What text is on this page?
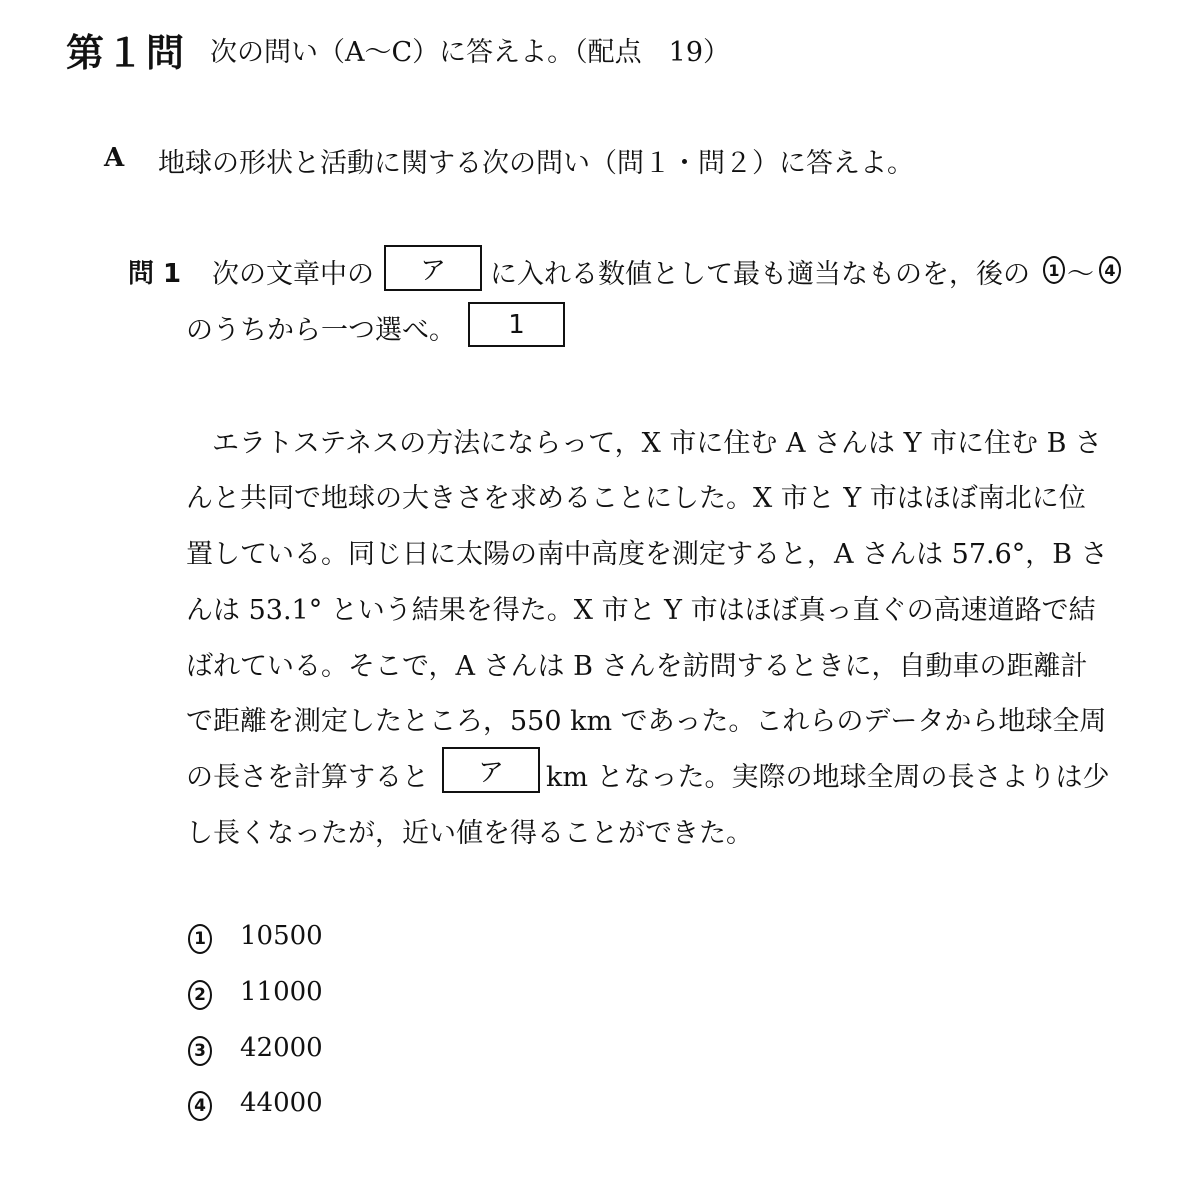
第１問 次の問い（A～C）に答えよ。（配点　19）
A 地球の形状と活動に関する次の問い（問１・問２）に答えよ。
問 1 次の文章中の ア に入れる数値として最も適当なものを，後の 1 ～ 4
のうちから一つ選べ。 1
エラトステネスの方法にならって，X 市に住む A さんは Y 市に住む B さ
んと共同で地球の大きさを求めることにした。X 市と Y 市はほぼ南北に位
置している。同じ日に太陽の南中高度を測定すると，A さんは 57.6°，B さ
んは 53.1° という結果を得た。X 市と Y 市はほぼ真っ直ぐの高速道路で結
ばれている。そこで，A さんは B さんを訪問するときに，自動車の距離計
で距離を測定したところ，550 km であった。これらのデータから地球全周
の長さを計算すると ア km となった。実際の地球全周の長さよりは少
し長くなったが，近い値を得ることができた。
1 10500
2 11000
3 42000
4 44000
